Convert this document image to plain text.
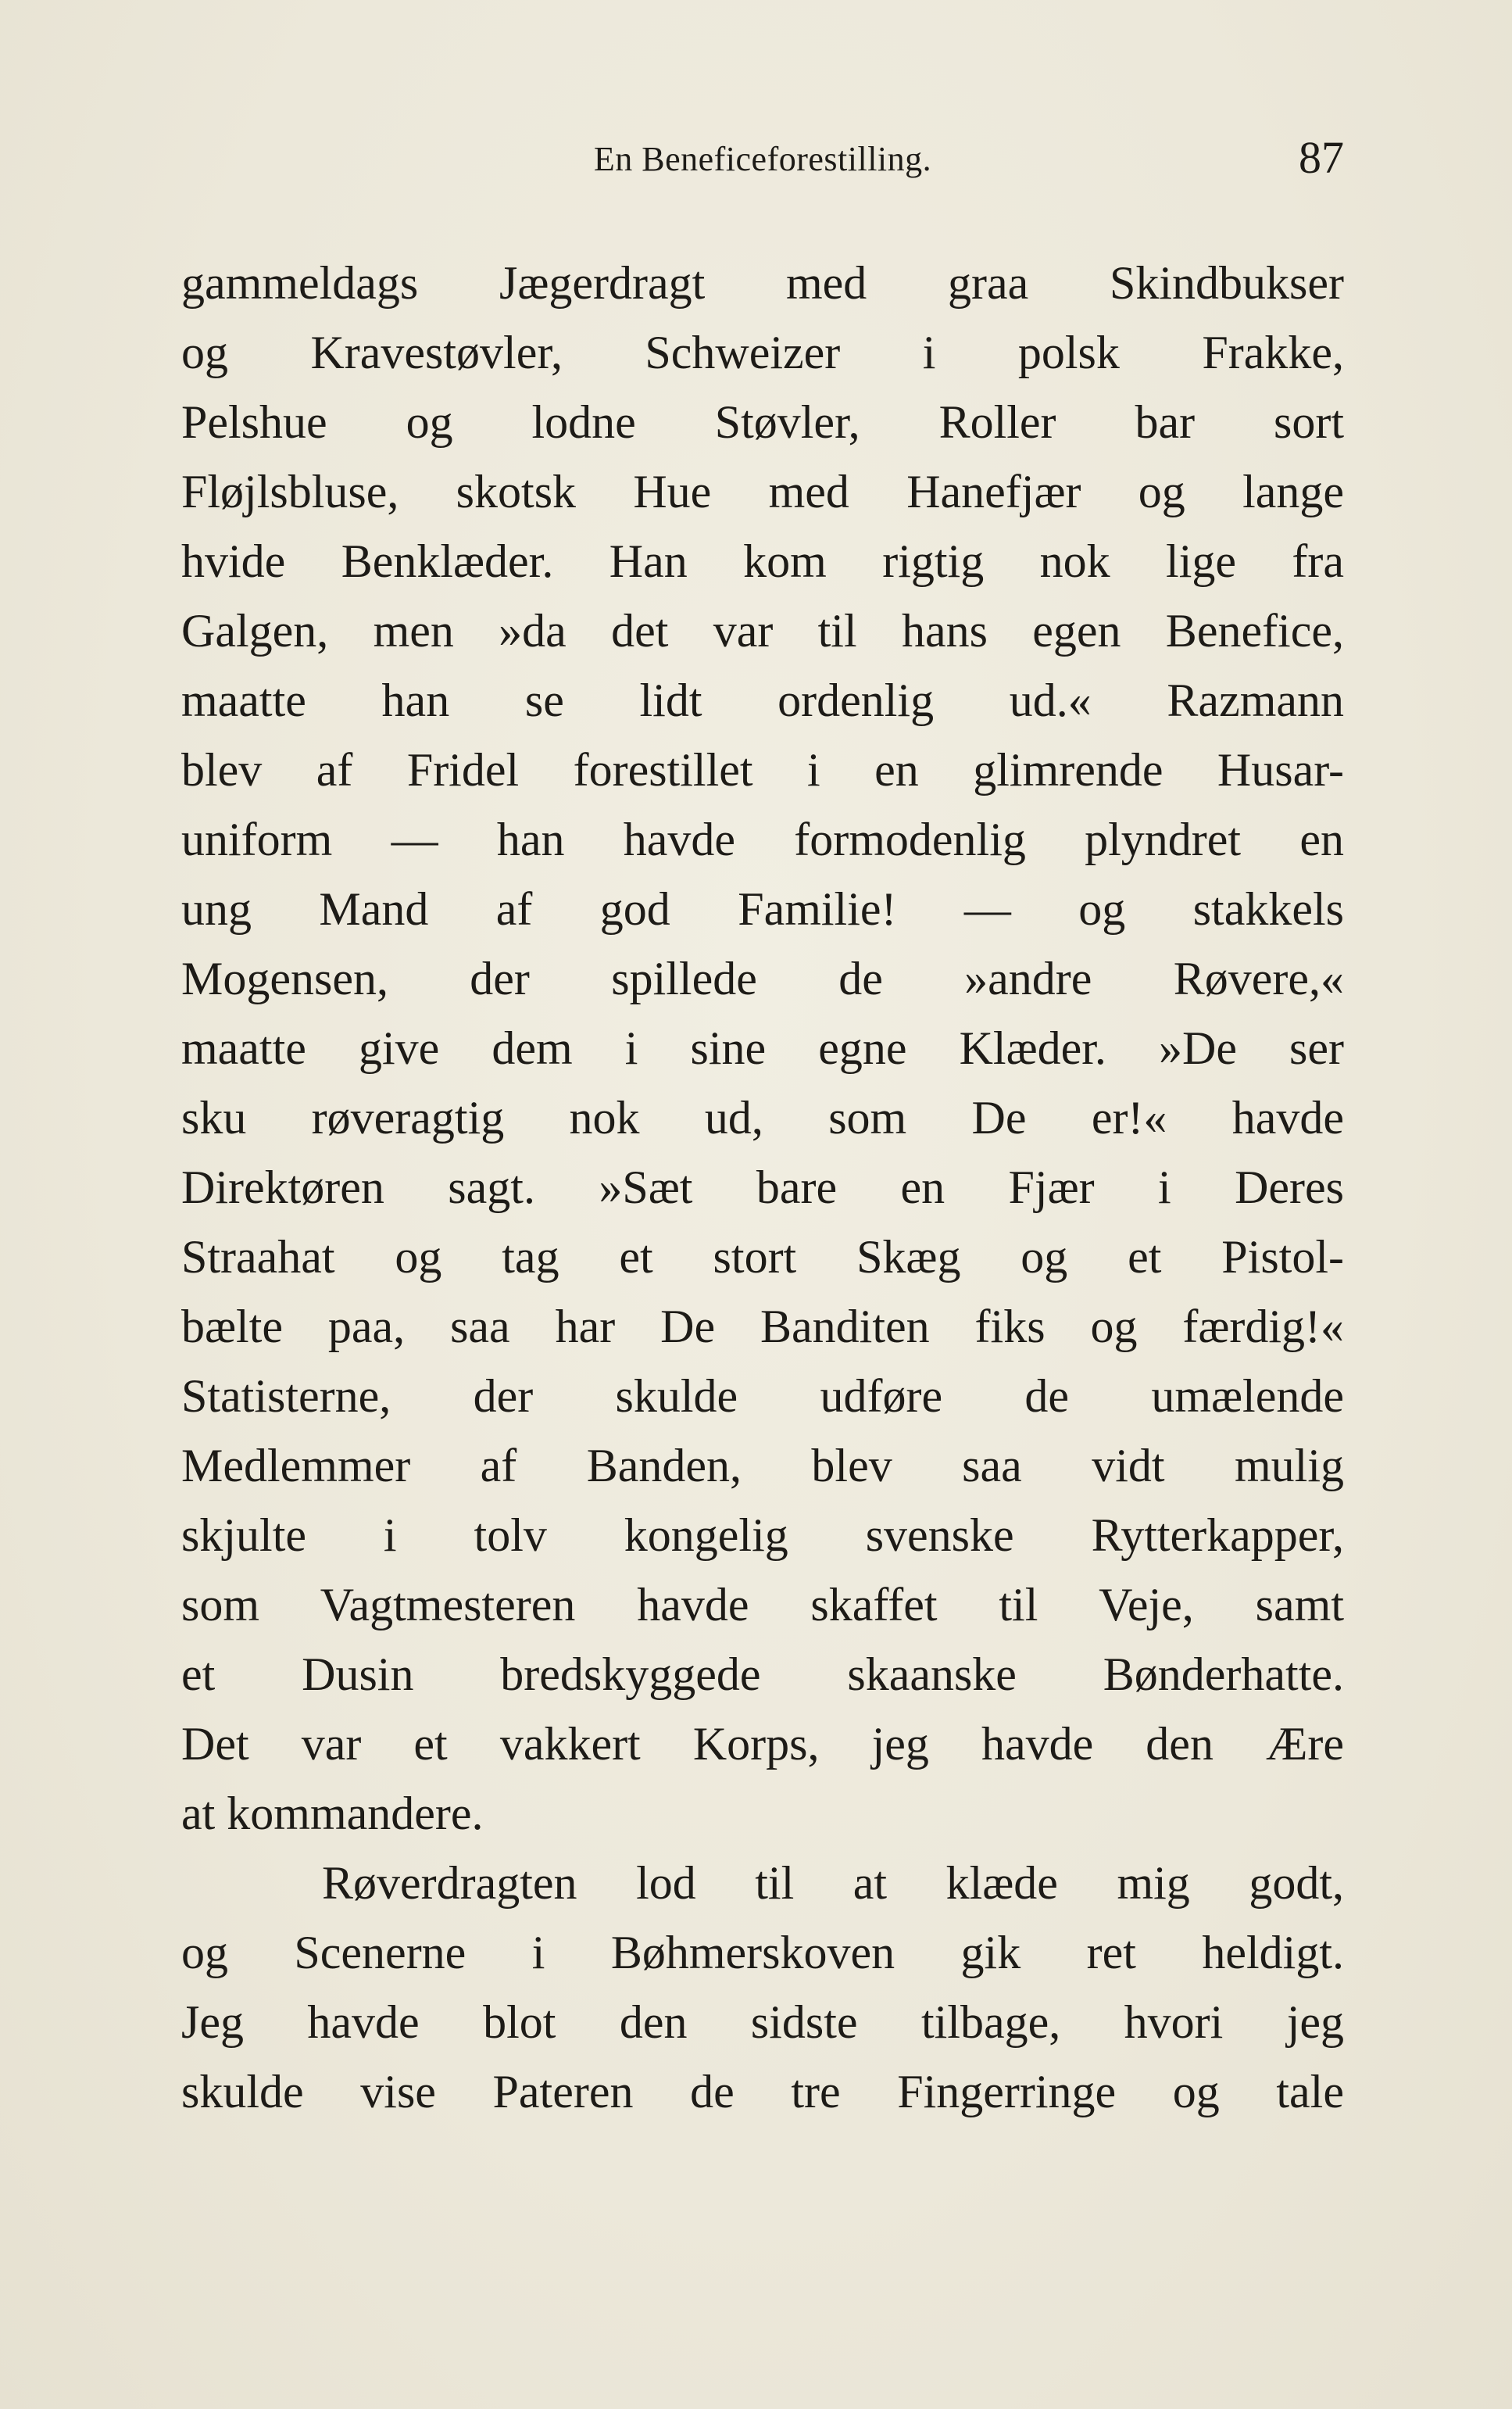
En Beneficeforestilling.	87
gammeldags Jægerdragt med graa Skindbukser
og Kravestøvler, Schweizer i polsk Frakke,
Pelshue og lodne Støvler, Roller bar sort
Fløjlsbluse, skotsk Hue med Hanefjær og lange
hvide Benklæder. Han kom rigtig nok lige fra
Galgen, men »da det var til hans egen Benefice,
maatte han se lidt ordenlig ud.« Razmann
blev af Fridel forestillet i en glimrende Husar-
uniform — han havde formodenlig plyndret en
ung Mand af god Familie! — og stakkels
Mogensen, der spillede de »andre Røvere,«
maatte give dem i sine egne Klæder. »De ser
sku røveragtig nok ud, som De er!« havde
Direktøren sagt. »Sæt bare en Fjær i Deres
Straahat og tag et stort Skæg og et Pistol-
bælte paa, saa har De Banditen fiks og færdig!«
Statisterne, der skulde udføre de umælende
Medlemmer af Banden, blev saa vidt mulig
skjulte i tolv kongelig svenske Rytterkapper,
som Vagtmesteren havde skaffet til Veje, samt
et Dusin bredskyggede skaanske Bønderhatte.
Det var et vakkert Korps, jeg havde den Ære
at kommandere.
Røverdragten lod til at klæde mig godt,
og Scenerne i Bøhmerskoven gik ret heldigt.
Jeg havde blot den sidste tilbage, hvori jeg
skulde vise Pateren de tre Fingerringe og tale
